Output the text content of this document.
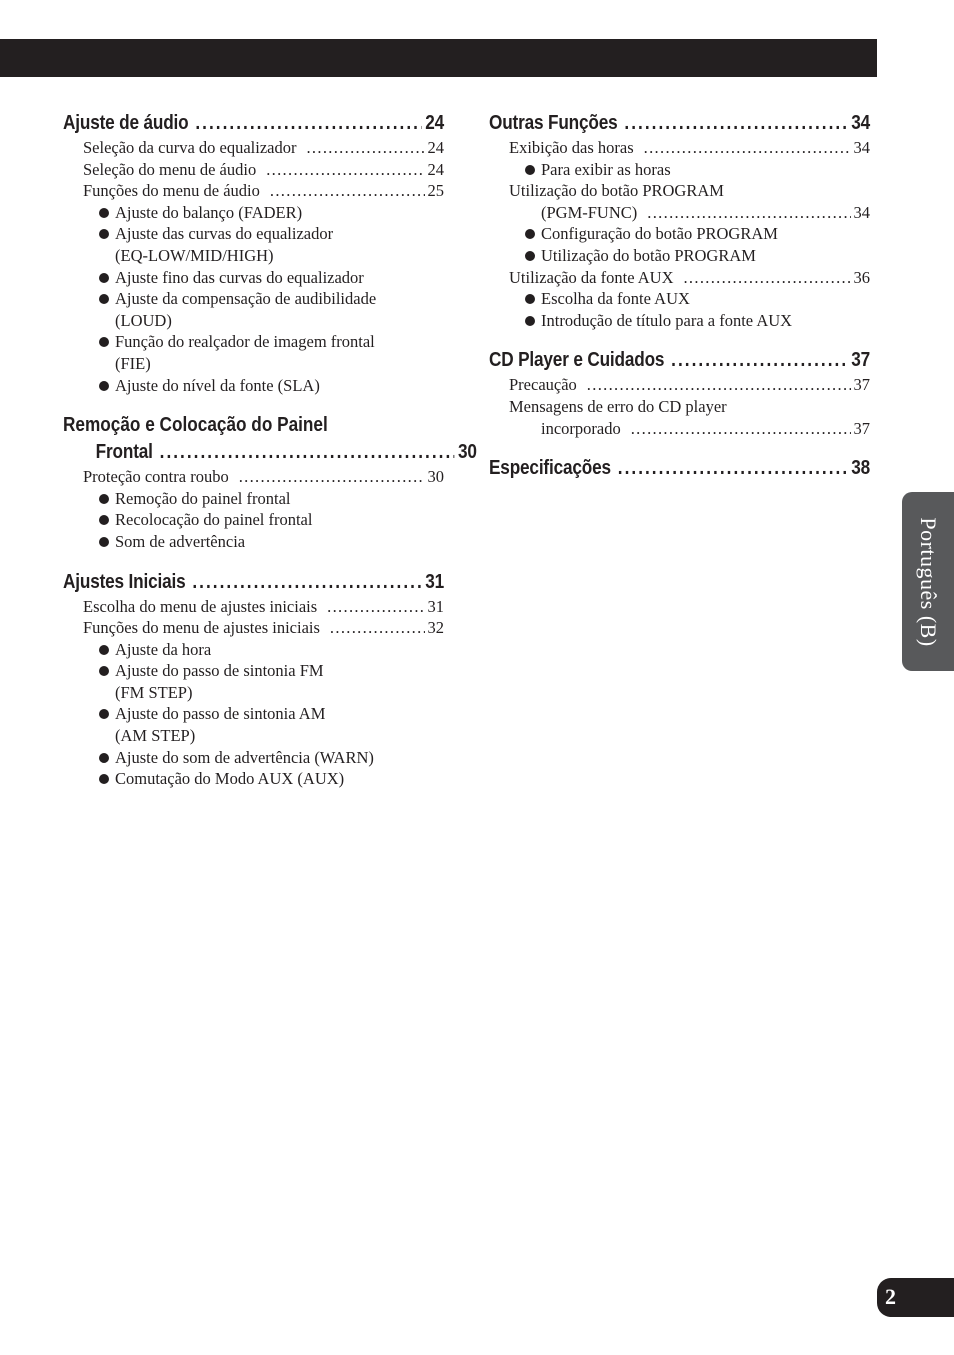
Ajuste de áudio . . .	24
Seleção da curva do equalizador . . .	24
Seleção do menu de áudio . . .	24
Funções do menu de áudio . . .	25
Ajuste do balanço (FADER)
Ajuste das curvas do equalizador
(EQ-LOW/MID/HIGH)
Ajuste fino das curvas do equalizador
Ajuste da compensação de audibilidade
(LOUD)
Função do realçador de imagem frontal
(FIE)
Ajuste do nível da fonte (SLA)
Remoção e Colocação do Painel
Frontal . . .	30
Proteção contra roubo . . .	30
Remoção do painel frontal
Recolocação do painel frontal
Som de advertência
Ajustes Iniciais . . .	31
Escolha do menu de ajustes iniciais . . .	31
Funções do menu de ajustes iniciais . . .	32
Ajuste da hora
Ajuste do passo de sintonia FM
(FM STEP)
Ajuste do passo de sintonia AM
(AM STEP)
Ajuste do som de advertência (WARN)
Comutação do Modo AUX (AUX)
Outras Funções . . .	34
Exibição das horas . . .	34
Para exibir as horas
Utilização do botão PROGRAM
(PGM-FUNC) . . .	34
Configuração do botão PROGRAM
Utilização do botão PROGRAM
Utilização da fonte AUX . . .	36
Escolha da fonte AUX
Introdução de título para a fonte AUX
CD Player e Cuidados . . .	37
Precaução . . .	37
Mensagens de erro do CD player
incorporado . . .	37
Especificações . . .	38
Português (B)
2
